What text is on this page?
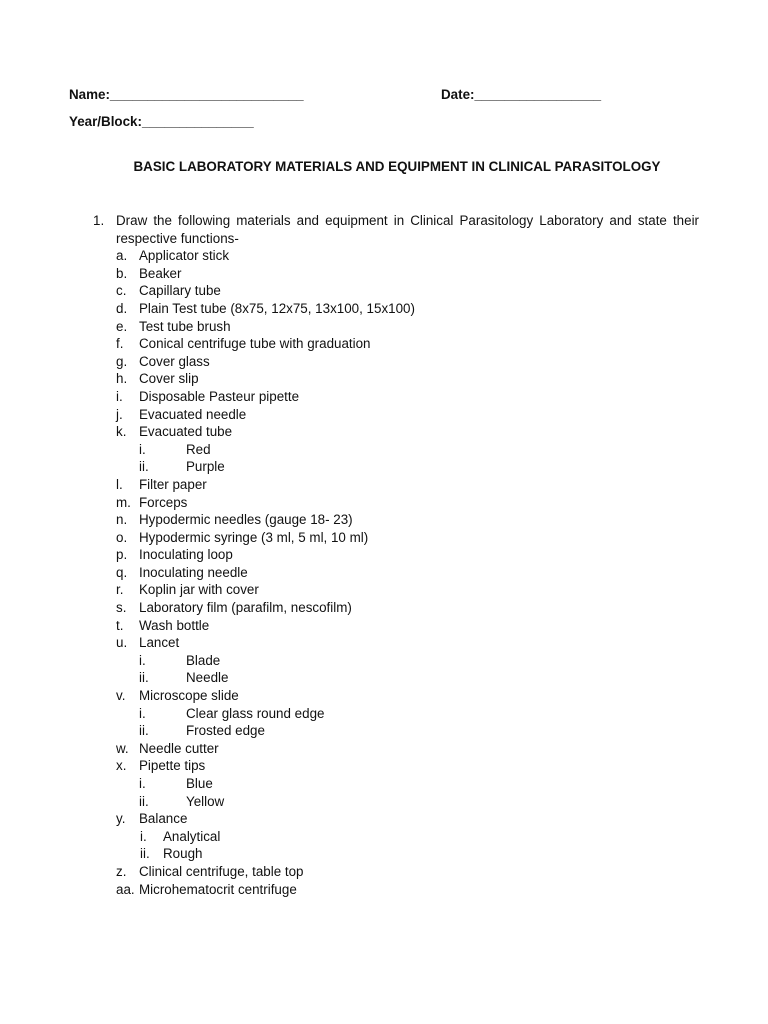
Name:__________________________	Date:_________________
Year/Block:_______________
BASIC LABORATORY MATERIALS AND EQUIPMENT IN CLINICAL PARASITOLOGY
1. Draw the following materials and equipment in Clinical Parasitology Laboratory and state their respective functions-
a. Applicator stick
b. Beaker
c. Capillary tube
d. Plain Test tube (8x75, 12x75, 13x100, 15x100)
e. Test tube brush
f. Conical centrifuge tube with graduation
g. Cover glass
h. Cover slip
i. Disposable Pasteur pipette
j. Evacuated needle
k. Evacuated tube
i.	Red
ii.	Purple
l. Filter paper
m. Forceps
n. Hypodermic needles (gauge 18- 23)
o. Hypodermic syringe (3 ml, 5 ml, 10 ml)
p. Inoculating loop
q. Inoculating needle
r. Koplin jar with cover
s. Laboratory film (parafilm, nescofilm)
t. Wash bottle
u. Lancet
i.	Blade
ii.	Needle
v. Microscope slide
i.	Clear glass round edge
ii.	Frosted edge
w. Needle cutter
x. Pipette tips
i.	Blue
ii.	Yellow
y. Balance
i. Analytical
ii. Rough
z. Clinical centrifuge, table top
aa. Microhematocrit centrifuge
